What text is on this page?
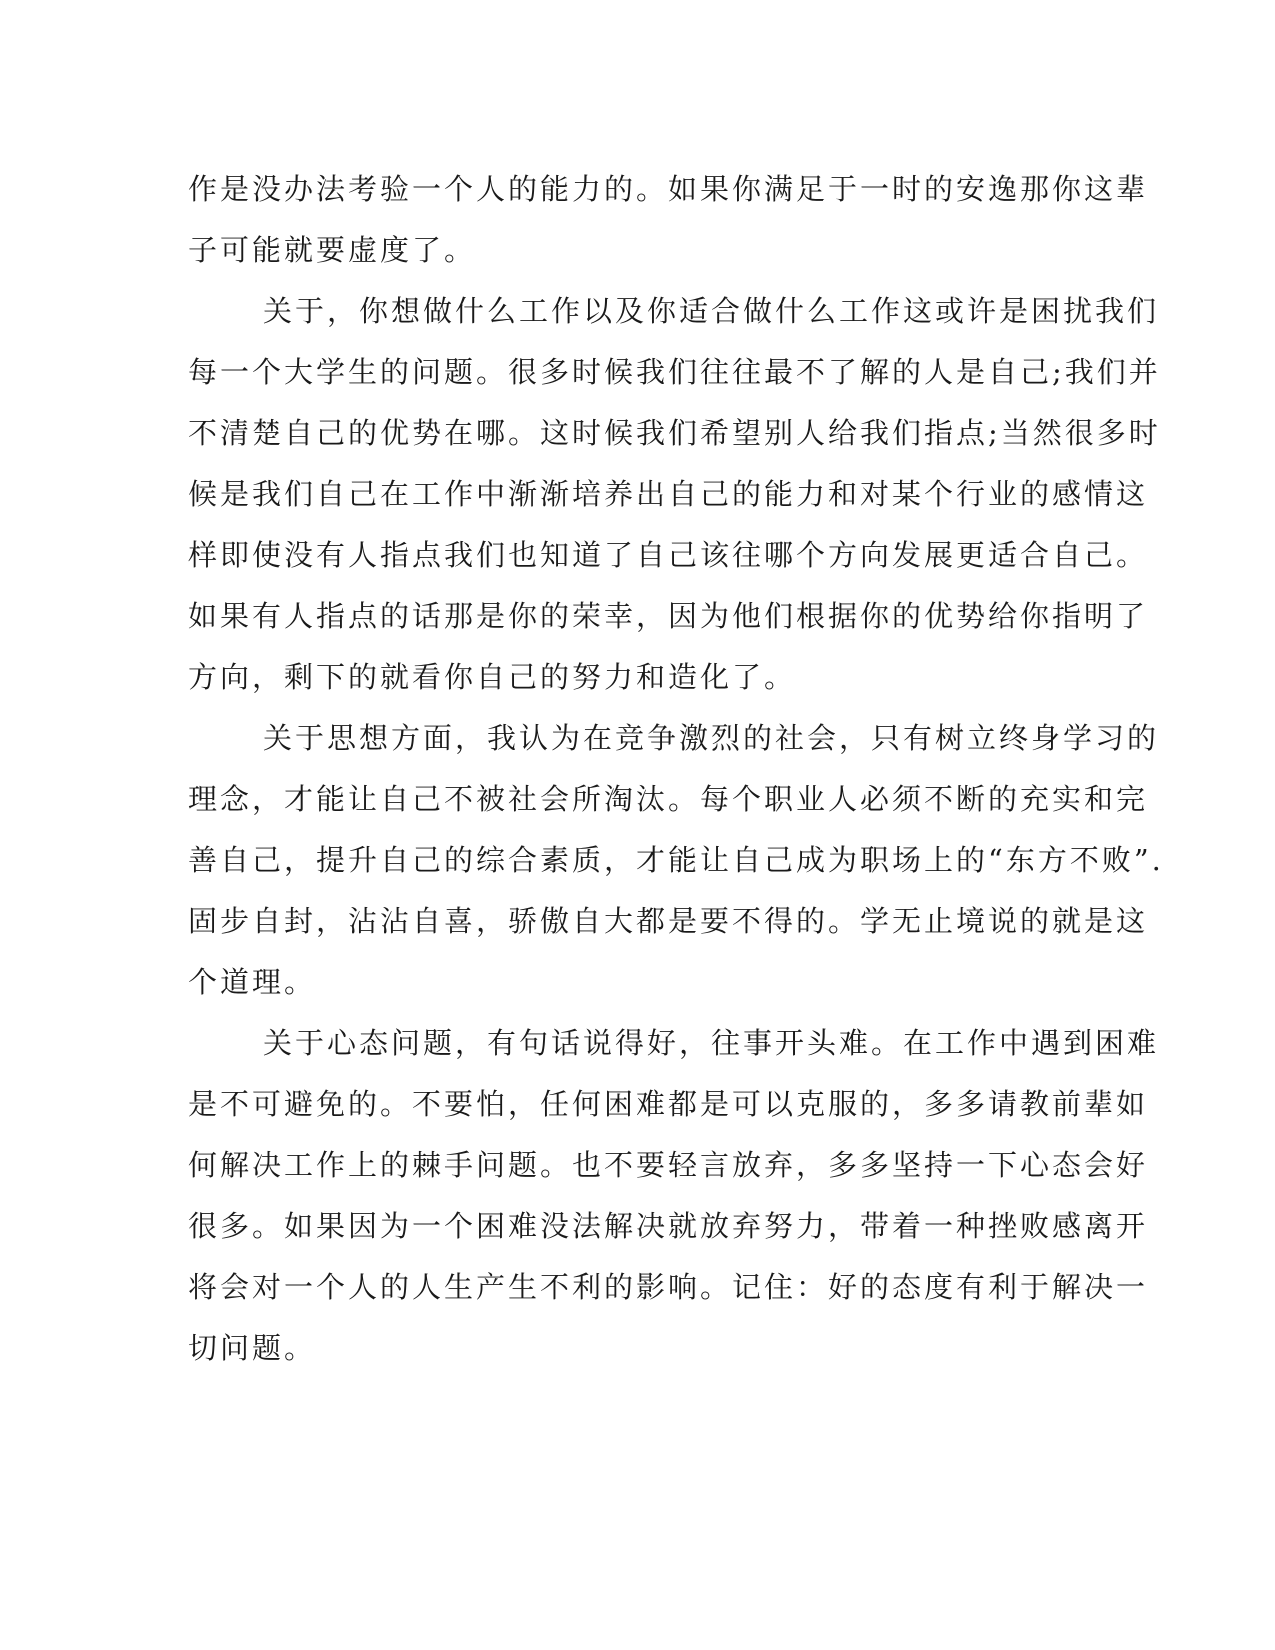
作是没办法考验一个人的能力的。如果你满足于一时的安逸那你这辈
子可能就要虚度了。
关于，你想做什么工作以及你适合做什么工作这或许是困扰我们
每一个大学生的问题。很多时候我们往往最不了解的人是自己;我们并
不清楚自己的优势在哪。这时候我们希望别人给我们指点;当然很多时
候是我们自己在工作中渐渐培养出自己的能力和对某个行业的感情这
样即使没有人指点我们也知道了自己该往哪个方向发展更适合自己。
如果有人指点的话那是你的荣幸，因为他们根据你的优势给你指明了
方向，剩下的就看你自己的努力和造化了。
关于思想方面，我认为在竞争激烈的社会，只有树立终身学习的
理念，才能让自己不被社会所淘汰。每个职业人必须不断的充实和完
善自己，提升自己的综合素质，才能让自己成为职场上的“东方不败”.
固步自封，沾沾自喜，骄傲自大都是要不得的。学无止境说的就是这
个道理。
关于心态问题，有句话说得好，往事开头难。在工作中遇到困难
是不可避免的。不要怕，任何困难都是可以克服的，多多请教前辈如
何解决工作上的棘手问题。也不要轻言放弃，多多坚持一下心态会好
很多。如果因为一个困难没法解决就放弃努力，带着一种挫败感离开
将会对一个人的人生产生不利的影响。记住：好的态度有利于解决一
切问题。
